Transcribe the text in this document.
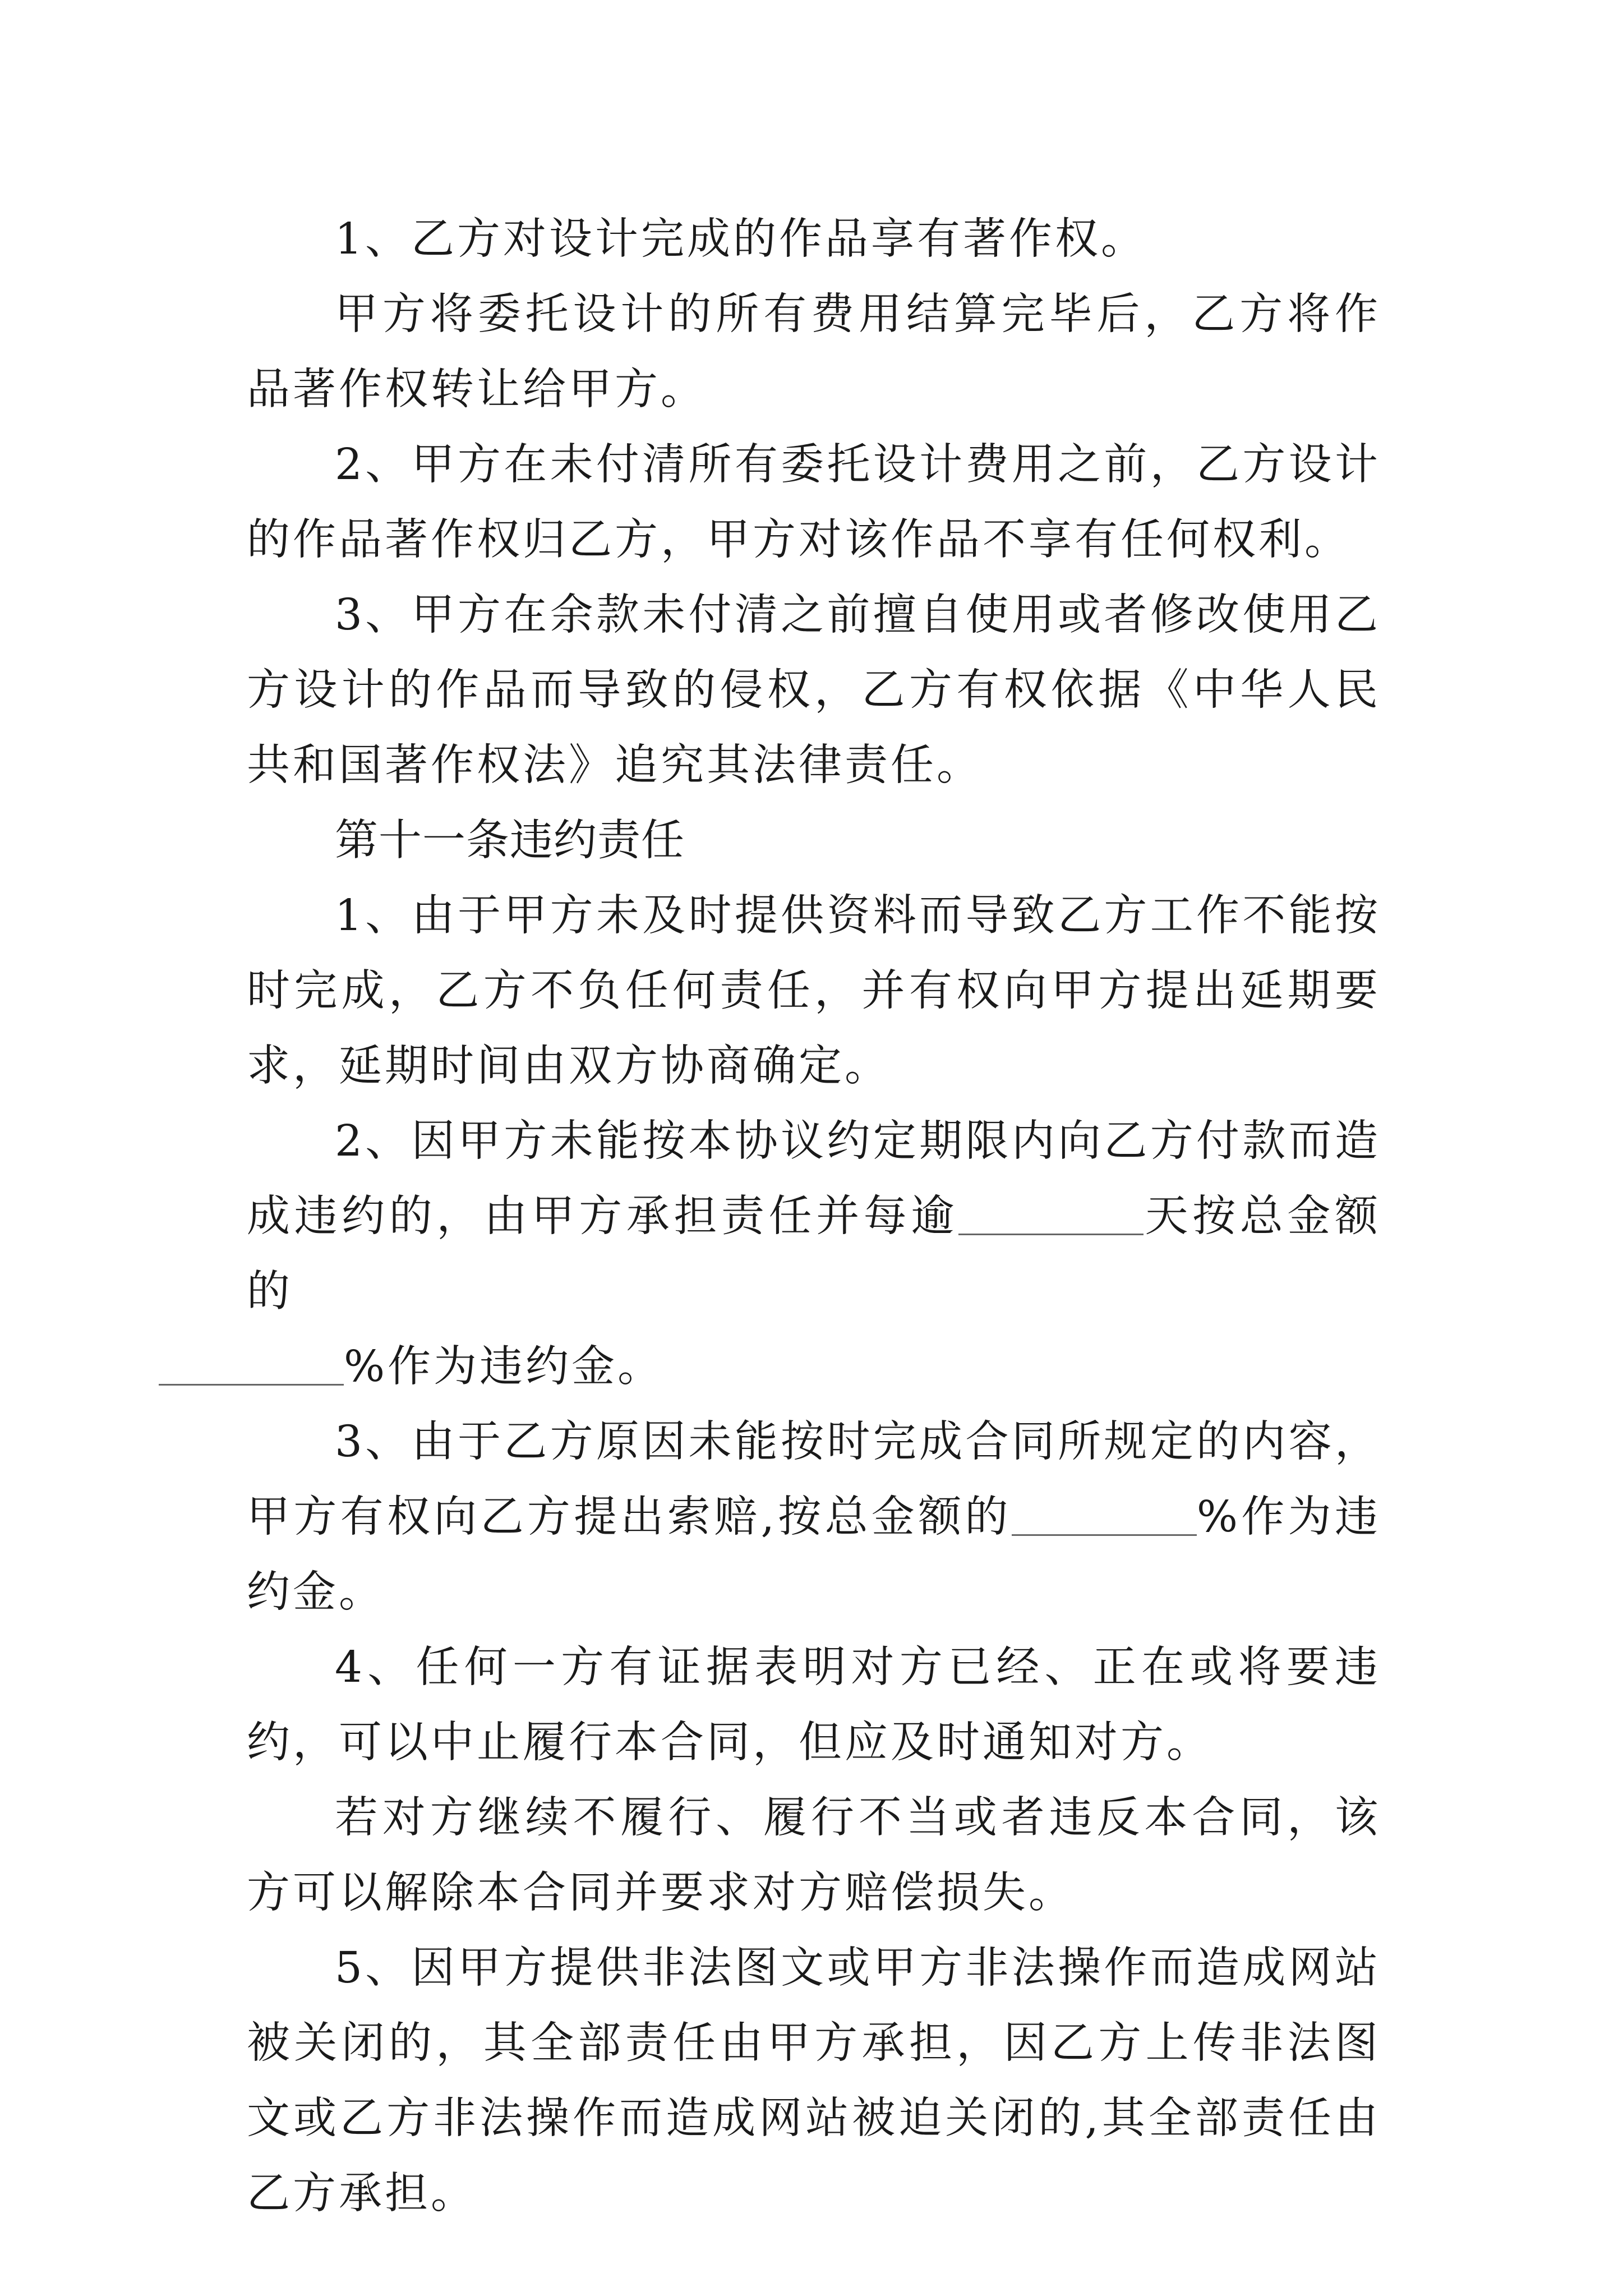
1、乙方对设计完成的作品享有著作权。

甲方将委托设计的所有费用结算完毕后，乙方将作品著作权转让给甲方。

2、甲方在未付清所有委托设计费用之前，乙方设计的作品著作权归乙方，甲方对该作品不享有任何权利。

3、甲方在余款未付清之前擅自使用或者修改使用乙方设计的作品而导致的侵权，乙方有权依据《中华人民共和国著作权法》追究其法律责任。

第十一条违约责任

1、由于甲方未及时提供资料而导致乙方工作不能按时完成，乙方不负任何责任，并有权向甲方提出延期要求，延期时间由双方协商确定。

2、因甲方未能按本协议约定期限内向乙方付款而造成违约的，由甲方承担责任并每逾	天按总金额的
%作为违约金。

3、由于乙方原因未能按时完成合同所规定的内容，甲方有权向乙方提出索赔,按总金额的	%作为违约金。

4、任何一方有证据表明对方已经、正在或将要违约，可以中止履行本合同，但应及时通知对方。

若对方继续不履行、履行不当或者违反本合同，该方可以解除本合同并要求对方赔偿损失。

5、因甲方提供非法图文或甲方非法操作而造成网站被关闭的，其全部责任由甲方承担，因乙方上传非法图文或乙方非法操作而造成网站被迫关闭的,其全部责任由乙方承担。
